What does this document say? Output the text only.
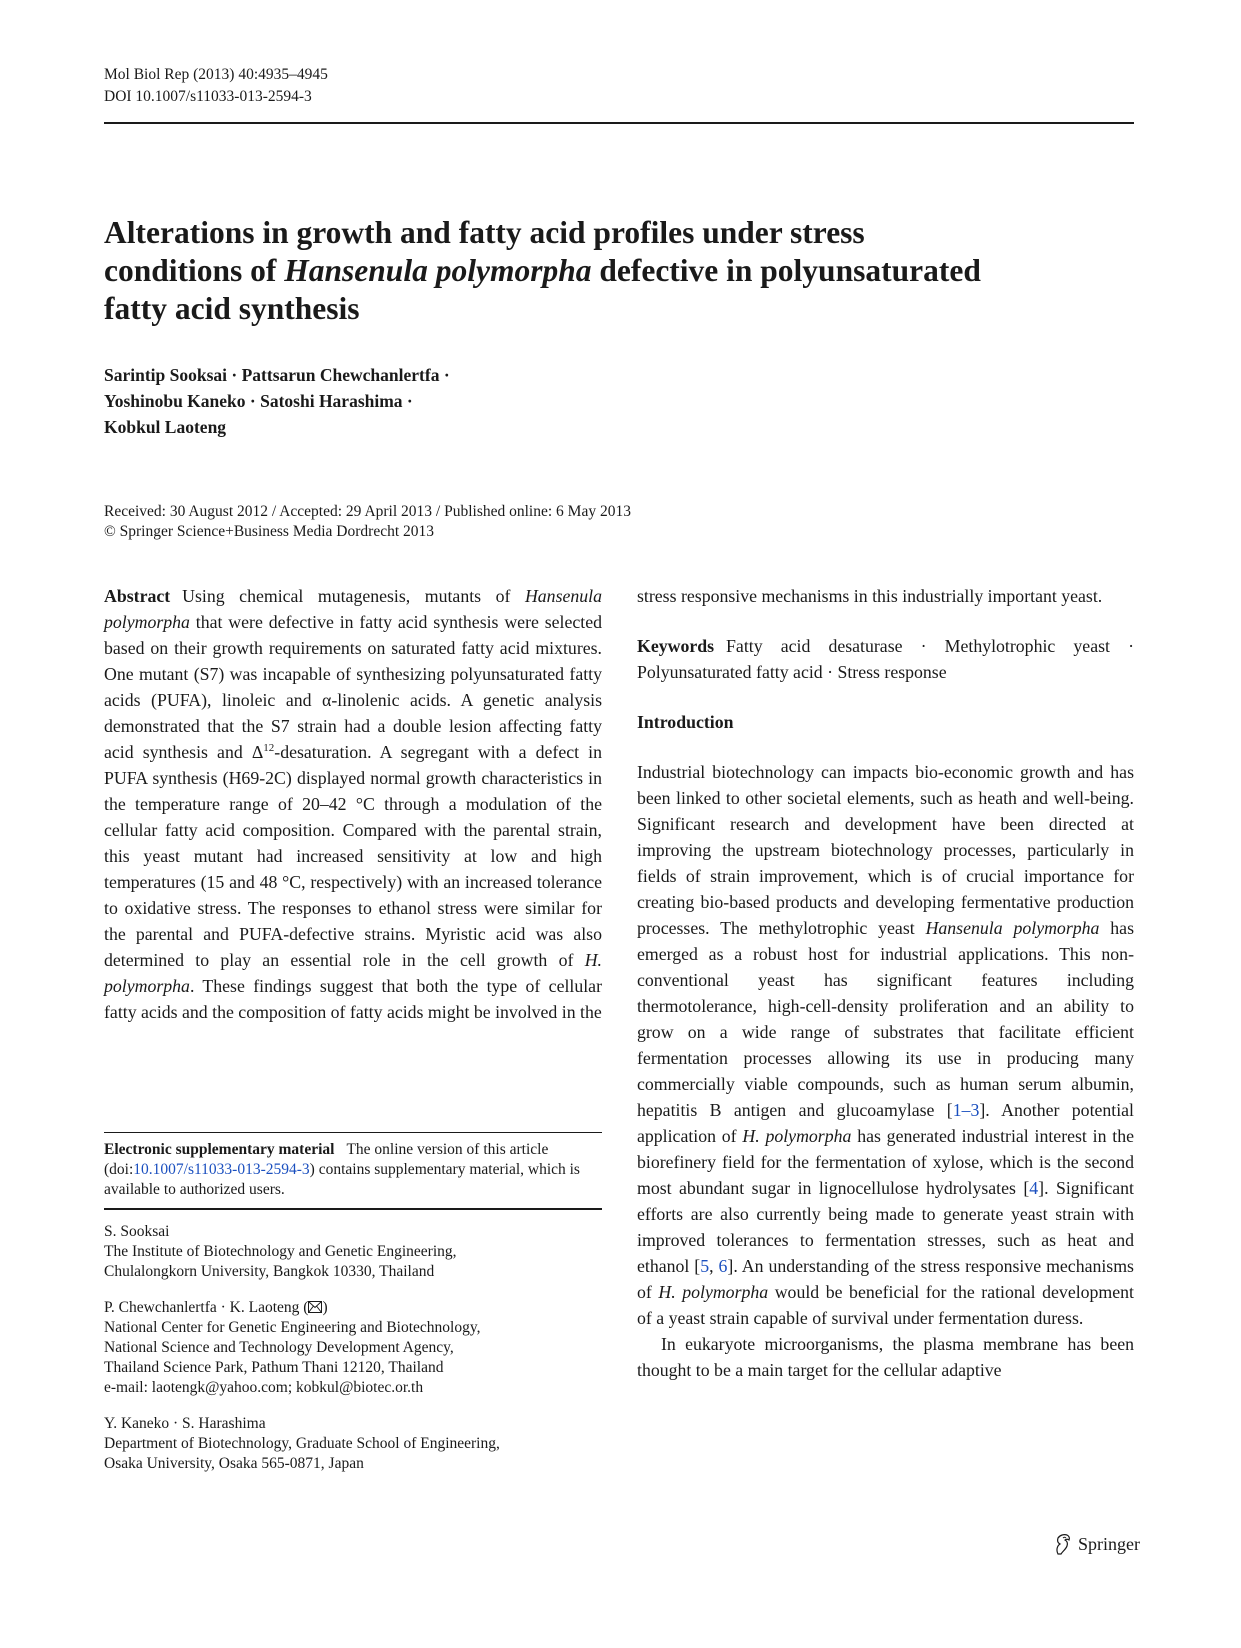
Mol Biol Rep (2013) 40:4935–4945
DOI 10.1007/s11033-013-2594-3
Alterations in growth and fatty acid profiles under stress conditions of Hansenula polymorpha defective in polyunsaturated fatty acid synthesis
Sarintip Sooksai · Pattsarun Chewchanlertfa ·
Yoshinobu Kaneko · Satoshi Harashima ·
Kobkul Laoteng
Received: 30 August 2012 / Accepted: 29 April 2013 / Published online: 6 May 2013
© Springer Science+Business Media Dordrecht 2013

Abstract Using chemical mutagenesis, mutants of Hansenula polymorpha that were defective in fatty acid synthesis were selected based on their growth requirements on saturated fatty acid mixtures. One mutant (S7) was incapable of synthesizing polyunsaturated fatty acids (PUFA), linoleic and α-linolenic acids. A genetic analysis demonstrated that the S7 strain had a double lesion affecting fatty acid synthesis and $\Delta^{12}$-desaturation. A segregant with a defect in PUFA synthesis (H69-2C) displayed normal growth characteristics in the temperature range of 20–42 °C through a modulation of the cellular fatty acid composition. Compared with the parental strain, this yeast mutant had increased sensitivity at low and high temperatures (15 and 48 °C, respectively) with an increased tolerance to oxidative stress. The responses to ethanol stress were similar for the parental and PUFA-defective strains. Myristic acid was also determined to play an essential role in the cell growth of H. polymorpha. These findings suggest that both the type of cellular fatty acids and the composition of fatty acids might be involved in the

stress responsive mechanisms in this industrially important yeast.

Keywords Fatty acid desaturase · Methylotrophic yeast · Polyunsaturated fatty acid · Stress response

Introduction

Industrial biotechnology can impacts bio-economic growth and has been linked to other societal elements, such as heath and well-being. Significant research and development have been directed at improving the upstream biotechnology processes, particularly in fields of strain improvement, which is of crucial importance for creating bio-based products and developing fermentative production processes. The methylotrophic yeast Hansenula polymorpha has emerged as a robust host for industrial applications. This non-conventional yeast has significant features including thermotolerance, high-cell-density proliferation and an ability to grow on a wide range of substrates that facilitate efficient fermentation processes allowing its use in producing many commercially viable compounds, such as human serum albumin, hepatitis B antigen and glucoamylase [1–3]. Another potential application of H. polymorpha has generated industrial interest in the biorefinery field for the fermentation of xylose, which is the second most abundant sugar in lignocellulose hydrolysates [4]. Significant efforts are also currently being made to generate yeast strain with improved tolerances to fermentation stresses, such as heat and ethanol [5, 6]. An understanding of the stress responsive mechanisms of H. polymorpha would be beneficial for the rational development of a yeast strain capable of survival under fermentation duress.

In eukaryote microorganisms, the plasma membrane has been thought to be a main target for the cellular adaptive

Electronic supplementary material The online version of this article (doi:10.1007/s11033-013-2594-3) contains supplementary material, which is available to authorized users.

S. Sooksai

The Institute of Biotechnology and Genetic Engineering,

Chulalongkorn University, Bangkok 10330, Thailand

P. Chewchanlertfa · K. Laoteng ( )

National Center for Genetic Engineering and Biotechnology,

National Science and Technology Development Agency,

Thailand Science Park, Pathum Thani 12120, Thailand

e-mail: laotengk@yahoo.com; kobkul@biotec.or.th

Y. Kaneko · S. Harashima

Department of Biotechnology, Graduate School of Engineering,

Osaka University, Osaka 565-0871, Japan

Springer
